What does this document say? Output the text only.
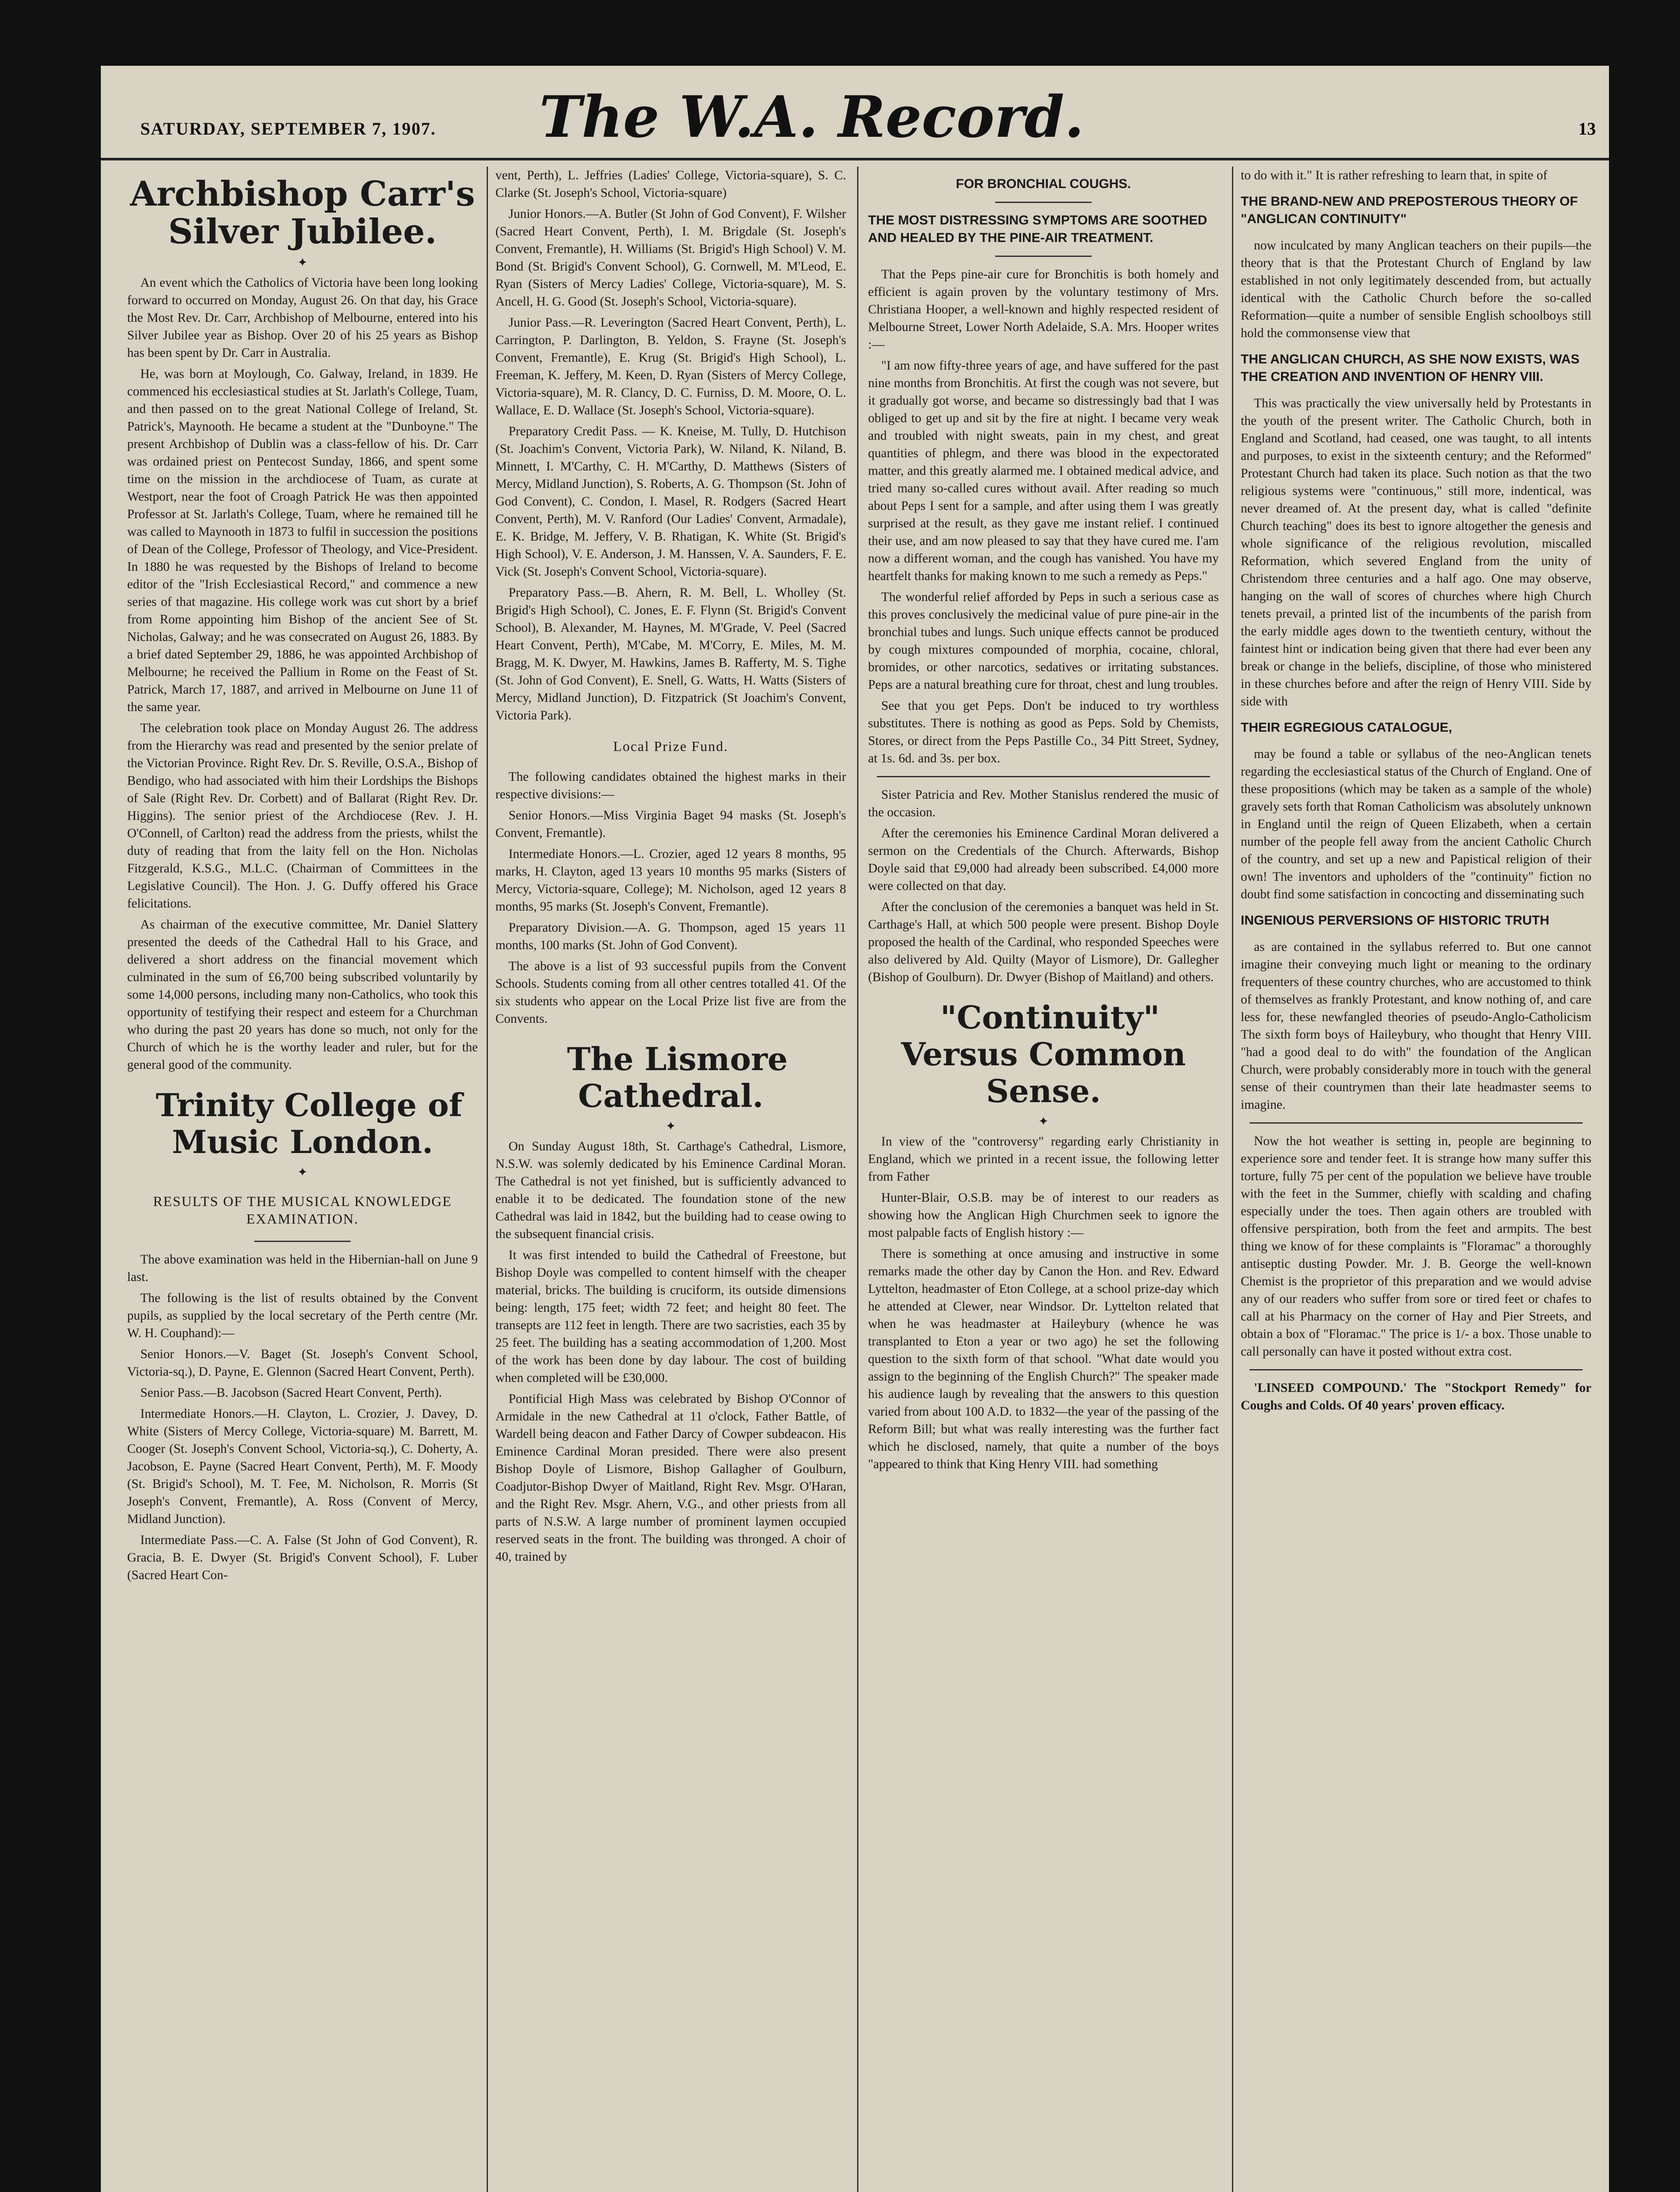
SATURDAY, SEPTEMBER 7, 1907. The W.A. Record.	13

Archbishop Carr's Silver Jubilee.

✦

An event which the Catholics of Victoria have been long looking forward to occurred on Monday, August 26. On that day, his Grace the Most Rev. Dr. Carr, Archbishop of Melbourne, entered into his Silver Jubilee year as Bishop. Over 20 of his 25 years as Bishop has been spent by Dr. Carr in Australia.

He, was born at Moylough, Co. Galway, Ireland, in 1839. He commenced his ecclesiastical studies at St. Jarlath's College, Tuam, and then passed on to the great National College of Ireland, St. Patrick's, Maynooth. He became a student at the "Dunboyne." The present Archbishop of Dublin was a class-fellow of his. Dr. Carr was ordained priest on Pentecost Sunday, 1866, and spent some time on the mission in the archdiocese of Tuam, as curate at Westport, near the foot of Croagh Patrick He was then appointed Professor at St. Jarlath's College, Tuam, where he remained till he was called to Maynooth in 1873 to fulfil in succession the positions of Dean of the College, Professor of Theology, and Vice-President. In 1880 he was requested by the Bishops of Ireland to become editor of the "Irish Ecclesiastical Record," and commence a new series of that magazine. His college work was cut short by a brief from Rome appointing him Bishop of the ancient See of St. Nicholas, Galway; and he was consecrated on August 26, 1883. By a brief dated September 29, 1886, he was appointed Archbishop of Melbourne; he received the Pallium in Rome on the Feast of St. Patrick, March 17, 1887, and arrived in Melbourne on June 11 of the same year.

The celebration took place on Monday August 26. The address from the Hierarchy was read and presented by the senior prelate of the Victorian Province. Right Rev. Dr. S. Reville, O.S.A., Bishop of Bendigo, who had associated with him their Lordships the Bishops of Sale (Right Rev. Dr. Corbett) and of Ballarat (Right Rev. Dr. Higgins). The senior priest of the Archdiocese (Rev. J. H. O'Connell, of Carlton) read the address from the priests, whilst the duty of reading that from the laity fell on the Hon. Nicholas Fitzgerald, K.S.G., M.L.C. (Chairman of Committees in the Legislative Council). The Hon. J. G. Duffy offered his Grace felicitations.

As chairman of the executive committee, Mr. Daniel Slattery presented the deeds of the Cathedral Hall to his Grace, and delivered a short address on the financial movement which culminated in the sum of £6,700 being subscribed voluntarily by some 14,000 persons, including many non-Catholics, who took this opportunity of testifying their respect and esteem for a Churchman who during the past 20 years has done so much, not only for the Church of which he is the worthy leader and ruler, but for the general good of the community.

Trinity College of Music London.

✦

RESULTS OF THE MUSICAL KNOWLEDGE EXAMINATION.

The above examination was held in the Hibernian-hall on June 9 last.

The following is the list of results obtained by the Convent pupils, as supplied by the local secretary of the Perth centre (Mr. W. H. Couphand):—

Senior Honors.—V. Baget (St. Joseph's Convent School, Victoria-sq.), D. Payne, E. Glennon (Sacred Heart Convent, Perth).

Senior Pass.—B. Jacobson (Sacred Heart Convent, Perth).

Intermediate Honors.—H. Clayton, L. Crozier, J. Davey, D. White (Sisters of Mercy College, Victoria-square) M. Barrett, M. Cooger (St. Joseph's Convent School, Victoria-sq.), C. Doherty, A. Jacobson, E. Payne (Sacred Heart Convent, Perth), M. F. Moody (St. Brigid's School), M. T. Fee, M. Nicholson, R. Morris (St Joseph's Convent, Fremantle), A. Ross (Convent of Mercy, Midland Junction).

Intermediate Pass.—C. A. False (St John of God Convent), R. Gracia, B. E. Dwyer (St. Brigid's Convent School), F. Luber (Sacred Heart Con-

vent, Perth), L. Jeffries (Ladies' College, Victoria-square), S. C. Clarke (St. Joseph's School, Victoria-square)

Junior Honors.—A. Butler (St John of God Convent), F. Wilsher (Sacred Heart Convent, Perth), I. M. Brigdale (St. Joseph's Convent, Fremantle), H. Williams (St. Brigid's High School) V. M. Bond (St. Brigid's Convent School), G. Cornwell, M. M'Leod, E. Ryan (Sisters of Mercy Ladies' College, Victoria-square), M. S. Ancell, H. G. Good (St. Joseph's School, Victoria-square).

Junior Pass.—R. Leverington (Sacred Heart Convent, Perth), L. Carrington, P. Darlington, B. Yeldon, S. Frayne (St. Joseph's Convent, Fremantle), E. Krug (St. Brigid's High School), L. Freeman, K. Jeffery, M. Keen, D. Ryan (Sisters of Mercy College, Victoria-square), M. R. Clancy, D. C. Furniss, D. M. Moore, O. L. Wallace, E. D. Wallace (St. Joseph's School, Victoria-square).

Preparatory Credit Pass. — K. Kneise, M. Tully, D. Hutchison (St. Joachim's Convent, Victoria Park), W. Niland, K. Niland, B. Minnett, I. M'Carthy, C. H. M'Carthy, D. Matthews (Sisters of Mercy, Midland Junction), S. Roberts, A. G. Thompson (St. John of God Convent), C. Condon, I. Masel, R. Rodgers (Sacred Heart Convent, Perth), M. V. Ranford (Our Ladies' Convent, Armadale), E. K. Bridge, M. Jeffery, V. B. Rhatigan, K. White (St. Brigid's High School), V. E. Anderson, J. M. Hanssen, V. A. Saunders, F. E. Vick (St. Joseph's Convent School, Victoria-square).

Preparatory Pass.—B. Ahern, R. M. Bell, L. Wholley (St. Brigid's High School), C. Jones, E. F. Flynn (St. Brigid's Convent School), B. Alexander, M. Haynes, M. M'Grade, V. Peel (Sacred Heart Convent, Perth), M'Cabe, M. M'Corry, E. Miles, M. M. Bragg, M. K. Dwyer, M. Hawkins, James B. Rafferty, M. S. Tighe (St. John of God Convent), E. Snell, G. Watts, H. Watts (Sisters of Mercy, Midland Junction), D. Fitzpatrick (St Joachim's Convent, Victoria Park).

Local Prize Fund.

The following candidates obtained the highest marks in their respective divisions:—

Senior Honors.—Miss Virginia Baget 94 masks (St. Joseph's Convent, Fremantle).

Intermediate Honors.—L. Crozier, aged 12 years 8 months, 95 marks, H. Clayton, aged 13 years 10 months 95 marks (Sisters of Mercy, Victoria-square, College); M. Nicholson, aged 12 years 8 months, 95 marks (St. Joseph's Convent, Fremantle).

Preparatory Division.—A. G. Thompson, aged 15 years 11 months, 100 marks (St. John of God Convent).

The above is a list of 93 successful pupils from the Convent Schools. Students coming from all other centres totalled 41. Of the six students who appear on the Local Prize list five are from the Convents.

The Lismore Cathedral.

✦

On Sunday August 18th, St. Carthage's Cathedral, Lismore, N.S.W. was solemly dedicated by his Eminence Cardinal Moran. The Cathedral is not yet finished, but is sufficiently advanced to enable it to be dedicated. The foundation stone of the new Cathedral was laid in 1842, but the building had to cease owing to the subsequent financial crisis.

It was first intended to build the Cathedral of Freestone, but Bishop Doyle was compelled to content himself with the cheaper material, bricks. The building is cruciform, its outside dimensions being: length, 175 feet; width 72 feet; and height 80 feet. The transepts are 112 feet in length. There are two sacristies, each 35 by 25 feet. The building has a seating accommodation of 1,200. Most of the work has been done by day labour. The cost of building when completed will be £30,000.

Pontificial High Mass was celebrated by Bishop O'Connor of Armidale in the new Cathedral at 11 o'clock, Father Battle, of Wardell being deacon and Father Darcy of Cowper subdeacon. His Eminence Cardinal Moran presided. There were also present Bishop Doyle of Lismore, Bishop Gallagher of Goulburn, Coadjutor-Bishop Dwyer of Maitland, Right Rev. Msgr. O'Haran, and the Right Rev. Msgr. Ahern, V.G., and other priests from all parts of N.S.W. A large number of prominent laymen occupied reserved seats in the front. The building was thronged. A choir of 40, trained by

FOR BRONCHIAL COUGHS.

THE MOST DISTRESSING SYMPTOMS ARE SOOTHED AND HEALED BY THE PINE-AIR TREATMENT.

That the Peps pine-air cure for Bronchitis is both homely and efficient is again proven by the voluntary testimony of Mrs. Christiana Hooper, a well-known and highly respected resident of Melbourne Street, Lower North Adelaide, S.A. Mrs. Hooper writes :—

"I am now fifty-three years of age, and have suffered for the past nine months from Bronchitis. At first the cough was not severe, but it gradually got worse, and became so distressingly bad that I was obliged to get up and sit by the fire at night. I became very weak and troubled with night sweats, pain in my chest, and great quantities of phlegm, and there was blood in the expectorated matter, and this greatly alarmed me. I obtained medical advice, and tried many so-called cures without avail. After reading so much about Peps I sent for a sample, and after using them I was greatly surprised at the result, as they gave me instant relief. I continued their use, and am now pleased to say that they have cured me. I'am now a different woman, and the cough has vanished. You have my heartfelt thanks for making known to me such a remedy as Peps."

The wonderful relief afforded by Peps in such a serious case as this proves conclusively the medicinal value of pure pine-air in the bronchial tubes and lungs. Such unique effects cannot be produced by cough mixtures compounded of morphia, cocaine, chloral, bromides, or other narcotics, sedatives or irritating substances. Peps are a natural breathing cure for throat, chest and lung troubles.

See that you get Peps. Don't be induced to try worthless substitutes. There is nothing as good as Peps. Sold by Chemists, Stores, or direct from the Peps Pastille Co., 34 Pitt Street, Sydney, at 1s. 6d. and 3s. per box.

Sister Patricia and Rev. Mother Stanislus rendered the music of the occasion.

After the ceremonies his Eminence Cardinal Moran delivered a sermon on the Credentials of the Church. Afterwards, Bishop Doyle said that £9,000 had already been subscribed. £4,000 more were collected on that day.

After the conclusion of the ceremonies a banquet was held in St. Carthage's Hall, at which 500 people were present. Bishop Doyle proposed the health of the Cardinal, who responded Speeches were also delivered by Ald. Quilty (Mayor of Lismore), Dr. Gallegher (Bishop of Goulburn). Dr. Dwyer (Bishop of Maitland) and others.

"Continuity" Versus Common Sense.

✦

In view of the "controversy" regarding early Christianity in England, which we printed in a recent issue, the following letter from Father

Hunter-Blair, O.S.B. may be of interest to our readers as showing how the Anglican High Churchmen seek to ignore the most palpable facts of English history :—

There is something at once amusing and instructive in some remarks made the other day by Canon the Hon. and Rev. Edward Lyttelton, headmaster of Eton College, at a school prize-day which he attended at Clewer, near Windsor. Dr. Lyttelton related that when he was headmaster at Haileybury (whence he was transplanted to Eton a year or two ago) he set the following question to the sixth form of that school. "What date would you assign to the beginning of the English Church?" The speaker made his audience laugh by revealing that the answers to this question varied from about 100 A.D. to 1832—the year of the passing of the Reform Bill; but what was really interesting was the further fact which he disclosed, namely, that quite a number of the boys "appeared to think that King Henry VIII. had something

to do with it." It is rather refreshing to learn that, in spite of

THE BRAND-NEW AND PREPOSTEROUS THEORY OF "ANGLICAN CONTINUITY"

now inculcated by many Anglican teachers on their pupils—the theory that is that the Protestant Church of England by law established in not only legitimately descended from, but actually identical with the Catholic Church before the so-called Reformation—quite a number of sensible English schoolboys still hold the commonsense view that

THE ANGLICAN CHURCH, AS SHE NOW EXISTS, WAS THE CREATION AND INVENTION OF HENRY VIII.

This was practically the view universally held by Protestants in the youth of the present writer. The Catholic Church, both in England and Scotland, had ceased, one was taught, to all intents and purposes, to exist in the sixteenth century; and the Reformed" Protestant Church had taken its place. Such notion as that the two religious systems were "continuous," still more, indentical, was never dreamed of. At the present day, what is called "definite Church teaching" does its best to ignore altogether the genesis and whole significance of the religious revolution, miscalled Reformation, which severed England from the unity of Christendom three centuries and a half ago. One may observe, hanging on the wall of scores of churches where high Church tenets prevail, a printed list of the incumbents of the parish from the early middle ages down to the twentieth century, without the faintest hint or indication being given that there had ever been any break or change in the beliefs, discipline, of those who ministered in these churches before and after the reign of Henry VIII. Side by side with

THEIR EGREGIOUS CATALOGUE,

may be found a table or syllabus of the neo-Anglican tenets regarding the ecclesiastical status of the Church of England. One of these propositions (which may be taken as a sample of the whole) gravely sets forth that Roman Catholicism was absolutely unknown in England until the reign of Queen Elizabeth, when a certain number of the people fell away from the ancient Catholic Church of the country, and set up a new and Papistical religion of their own! The inventors and upholders of the "continuity" fiction no doubt find some satisfaction in concocting and disseminating such

INGENIOUS PERVERSIONS OF HISTORIC TRUTH

as are contained in the syllabus referred to. But one cannot imagine their conveying much light or meaning to the ordinary frequenters of these country churches, who are accustomed to think of themselves as frankly Protestant, and know nothing of, and care less for, these newfangled theories of pseudo-Anglo-Catholicism The sixth form boys of Haileybury, who thought that Henry VIII. "had a good deal to do with" the foundation of the Anglican Church, were probably considerably more in touch with the general sense of their countrymen than their late headmaster seems to imagine.

Now the hot weather is setting in, people are beginning to experience sore and tender feet. It is strange how many suffer this torture, fully 75 per cent of the population we believe have trouble with the feet in the Summer, chiefly with scalding and chafing especially under the toes. Then again others are troubled with offensive perspiration, both from the feet and armpits. The best thing we know of for these complaints is "Floramac" a thoroughly antiseptic dusting Powder. Mr. J. B. George the well-known Chemist is the proprietor of this preparation and we would advise any of our readers who suffer from sore or tired feet or chafes to call at his Pharmacy on the corner of Hay and Pier Streets, and obtain a box of "Floramac." The price is 1/- a box. Those unable to call personally can have it posted without extra cost.

'LINSEED COMPOUND.' The "Stockport Remedy" for Coughs and Colds. Of 40 years' proven efficacy.
